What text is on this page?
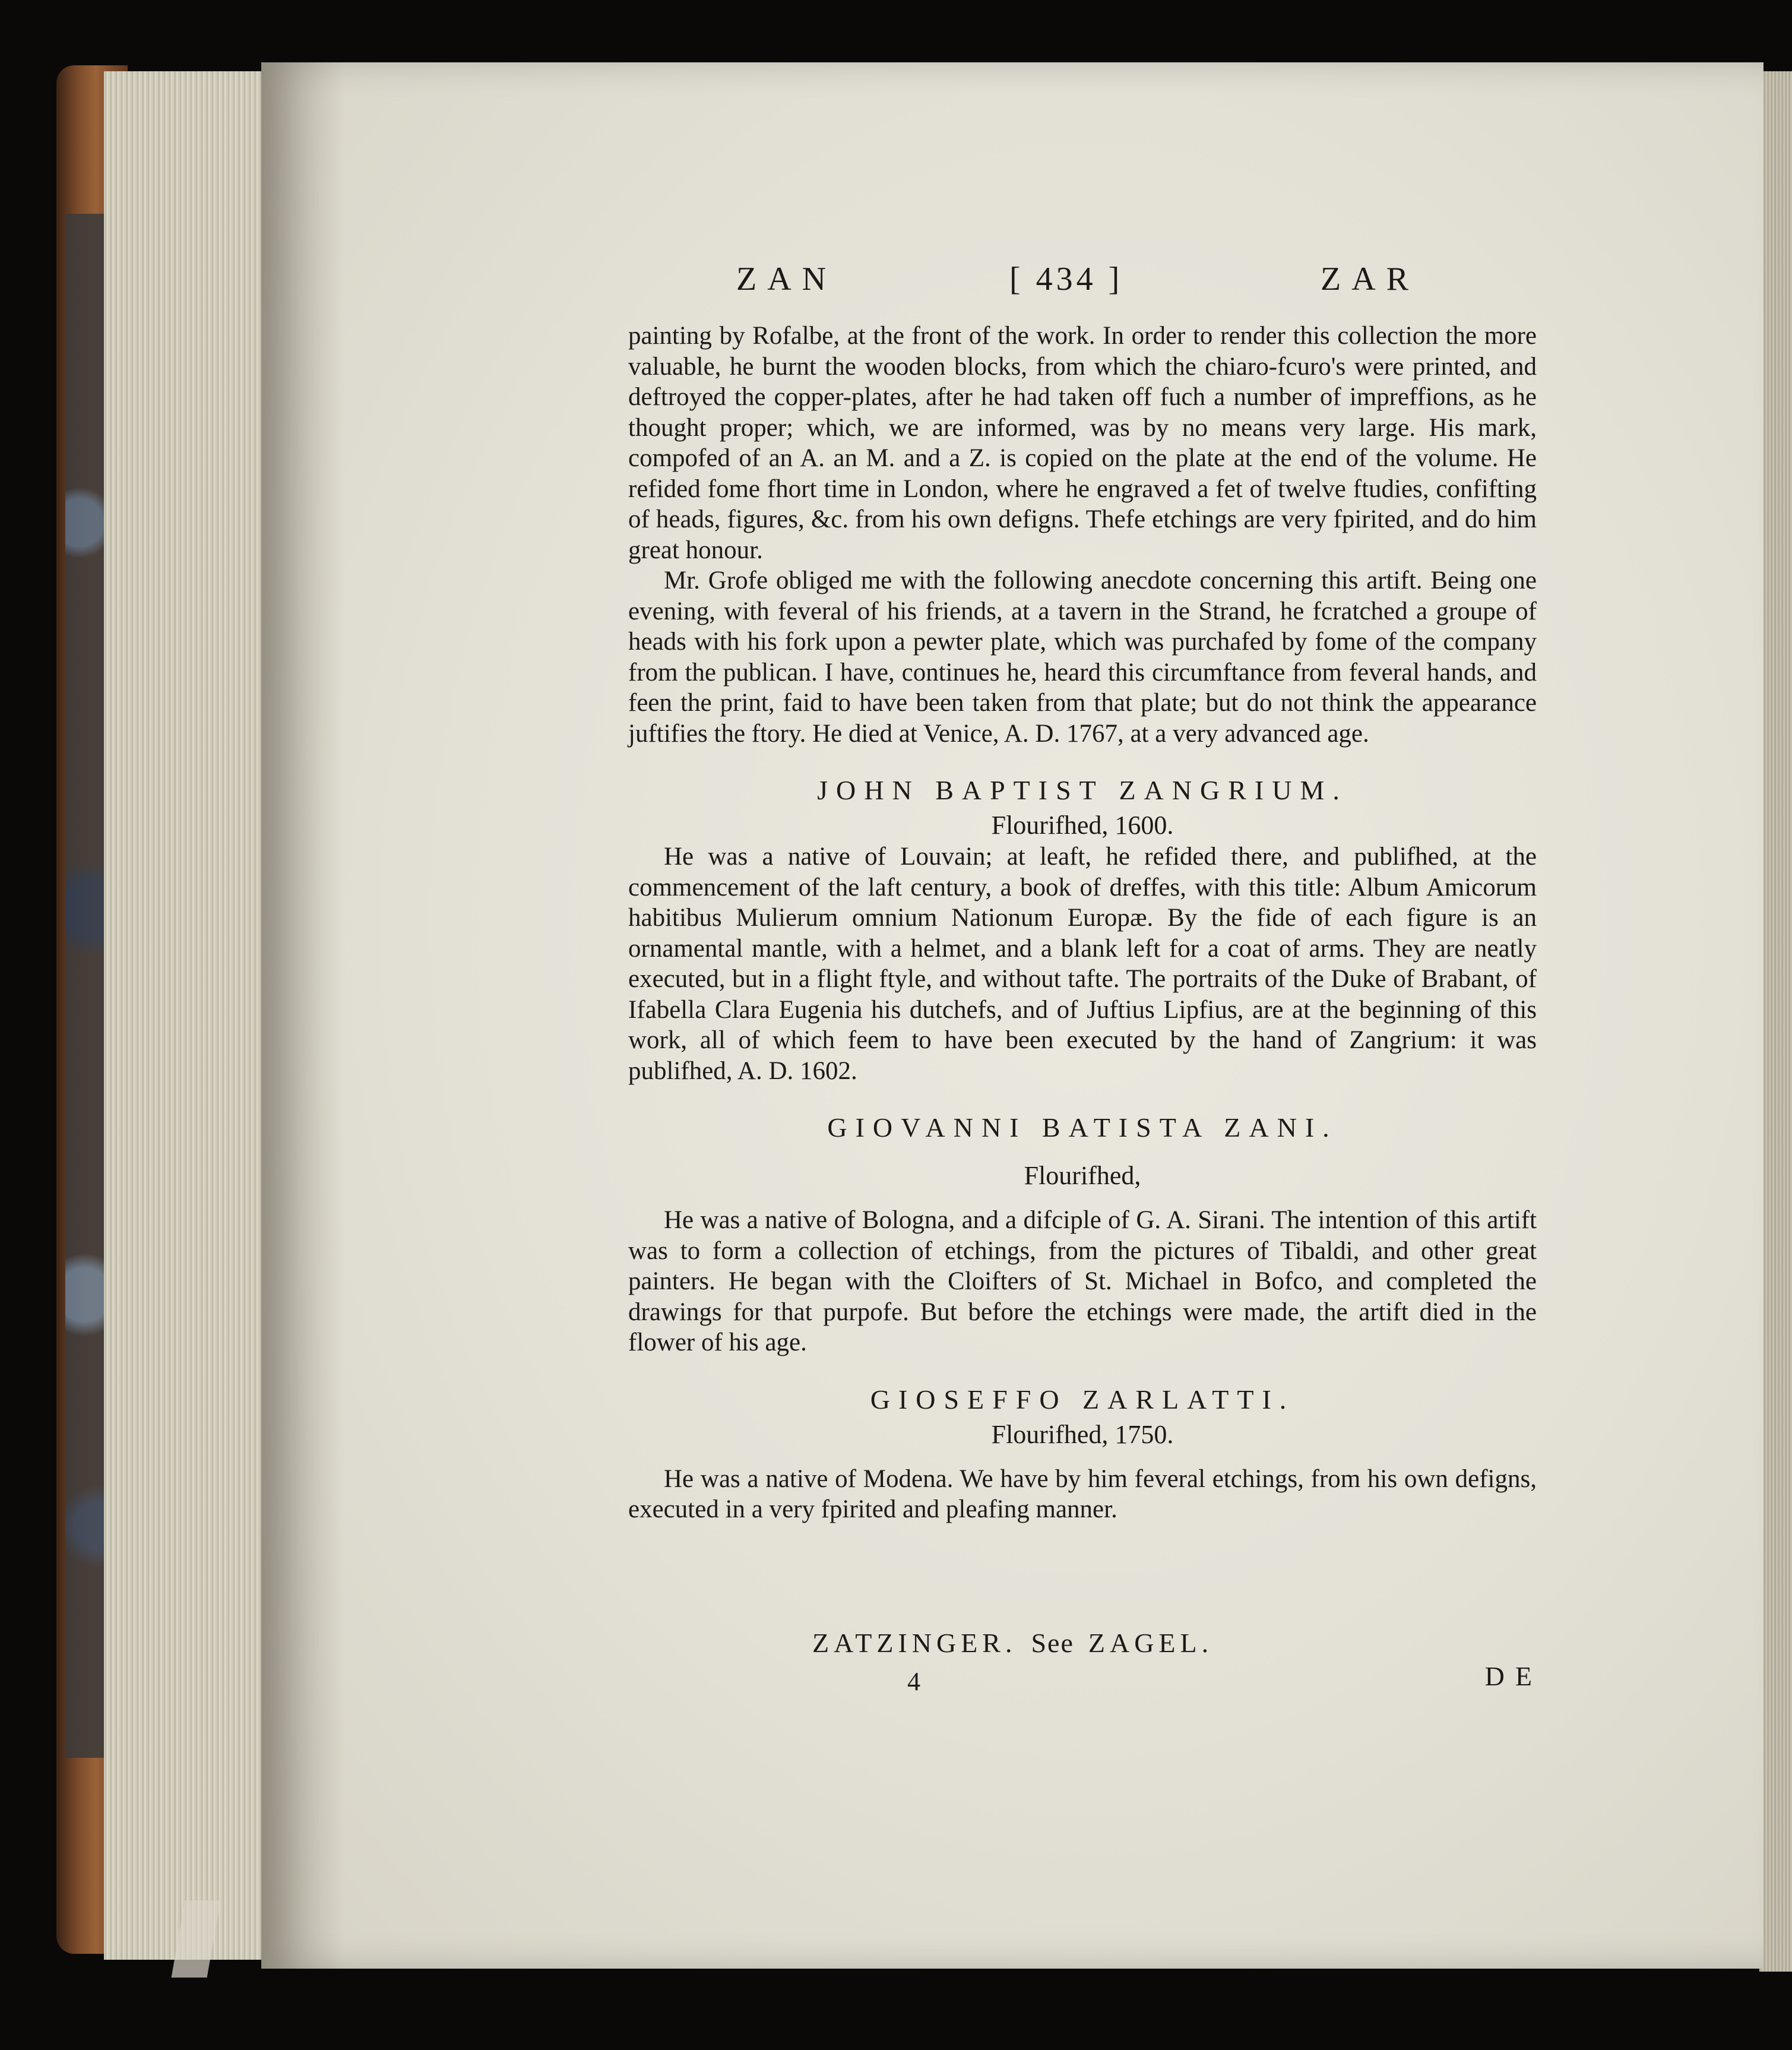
ZAN	[ 434 ]	ZAR

painting by Rofalbe, at the front of the work. In order to render this collection the more valuable, he burnt the wooden blocks, from which the chiaro-fcuro's were printed, and deftroyed the copper-plates, after he had taken off fuch a number of impreffions, as he thought proper; which, we are informed, was by no means very large. His mark, compofed of an A. an M. and a Z. is copied on the plate at the end of the volume. He refided fome fhort time in London, where he engraved a fet of twelve ftudies, confifting of heads, figures, &c. from his own defigns. Thefe etchings are very fpirited, and do him great honour.

Mr. Grofe obliged me with the following anecdote concerning this artift. Being one evening, with feveral of his friends, at a tavern in the Strand, he fcratched a groupe of heads with his fork upon a pewter plate, which was purchafed by fome of the company from the publican. I have, continues he, heard this circumftance from feveral hands, and feen the print, faid to have been taken from that plate; but do not think the appearance juftifies the ftory. He died at Venice, A. D. 1767, at a very advanced age.

JOHN BAPTIST ZANGRIUM.

Flourifhed, 1600.

He was a native of Louvain; at leaft, he refided there, and publifhed, at the commencement of the laft century, a book of dreffes, with this title: Album Amicorum habitibus Mulierum omnium Nationum Europæ. By the fide of each figure is an ornamental mantle, with a helmet, and a blank left for a coat of arms. They are neatly executed, but in a flight ftyle, and without tafte. The portraits of the Duke of Brabant, of Ifabella Clara Eugenia his dutchefs, and of Juftius Lipfius, are at the beginning of this work, all of which feem to have been executed by the hand of Zangrium: it was publifhed, A. D. 1602.

GIOVANNI BATISTA ZANI.

Flourifhed,

He was a native of Bologna, and a difciple of G. A. Sirani. The intention of this artift was to form a collection of etchings, from the pictures of Tibaldi, and other great painters. He began with the Cloifters of St. Michael in Bofco, and completed the drawings for that purpofe. But before the etchings were made, the artift died in the flower of his age.

GIOSEFFO ZARLATTI.

Flourifhed, 1750.

He was a native of Modena. We have by him feveral etchings, from his own defigns, executed in a very fpirited and pleafing manner.

ZATZINGER. See ZAGEL.
4	DE
